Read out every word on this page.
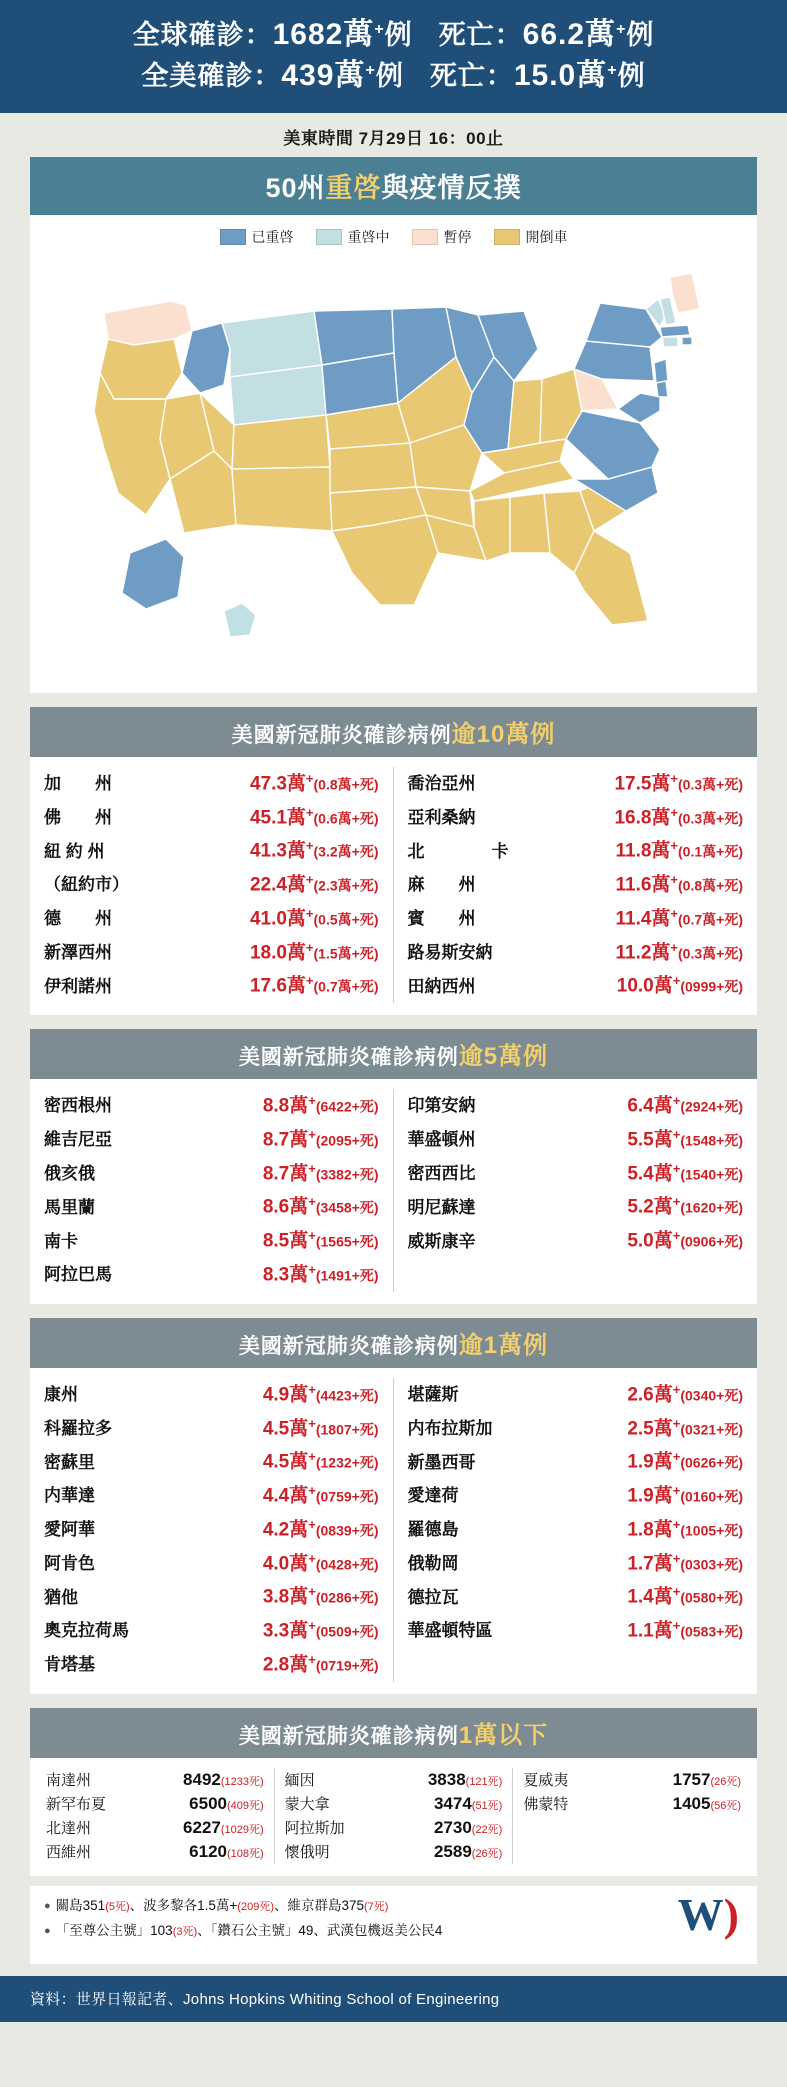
全球確診：1682萬+例 死亡：66.2萬+例
全美確診：439萬+例 死亡：15.0萬+例
美東時間 7月29日 16：00止
50州重啓與疫情反撲
已重啓	重啓中	暫停	開倒車
美國新冠肺炎確診病例逾10萬例
加　　州	47.3萬+(0.8萬+死)
佛　　州	45.1萬+(0.6萬+死)
紐 約 州	41.3萬+(3.2萬+死)
（紐約市）	22.4萬+(2.3萬+死)
德　　州	41.0萬+(0.5萬+死)
新澤西州	18.0萬+(1.5萬+死)
伊利諾州	17.6萬+(0.7萬+死)
喬治亞州	17.5萬+(0.3萬+死)
亞利桑納	16.8萬+(0.3萬+死)
北　　卡	11.8萬+(0.1萬+死)
麻　　州	11.6萬+(0.8萬+死)
賓　　州	11.4萬+(0.7萬+死)
路易斯安納	11.2萬+(0.3萬+死)
田納西州	10.0萬+(0999+死)
美國新冠肺炎確診病例逾5萬例
密西根州	8.8萬+(6422+死)
維吉尼亞	8.7萬+(2095+死)
俄亥俄	8.7萬+(3382+死)
馬里蘭	8.6萬+(3458+死)
南卡	8.5萬+(1565+死)
阿拉巴馬	8.3萬+(1491+死)
印第安納	6.4萬+(2924+死)
華盛頓州	5.5萬+(1548+死)
密西西比	5.4萬+(1540+死)
明尼蘇達	5.2萬+(1620+死)
威斯康辛	5.0萬+(0906+死)
美國新冠肺炎確診病例逾1萬例
康州	4.9萬+(4423+死)
科羅拉多	4.5萬+(1807+死)
密蘇里	4.5萬+(1232+死)
内華達	4.4萬+(0759+死)
愛阿華	4.2萬+(0839+死)
阿肯色	4.0萬+(0428+死)
猶他	3.8萬+(0286+死)
奧克拉荷馬	3.3萬+(0509+死)
肯塔基	2.8萬+(0719+死)
堪薩斯	2.6萬+(0340+死)
内布拉斯加	2.5萬+(0321+死)
新墨西哥	1.9萬+(0626+死)
愛達荷	1.9萬+(0160+死)
羅德島	1.8萬+(1005+死)
俄勒岡	1.7萬+(0303+死)
德拉瓦	1.4萬+(0580+死)
華盛頓特區	1.1萬+(0583+死)
美國新冠肺炎確診病例1萬以下
南達州	8492(1233死)
新罕布夏	6500(409死)
北達州	6227(1029死)
西維州	6120(108死)
緬因	3838(121死)
蒙大拿	3474(51死)
阿拉斯加	2730(22死)
懷俄明	2589(26死)
夏威夷	1757(26死)
佛蒙特	1405(56死)
● 關島351(5死)、波多黎各1.5萬+(209死)、維京群島375(7死)
● 「至尊公主號」103(3死)、「鑽石公主號」49、武漢包機返美公民4	W)
資料：世界日報記者、Johns Hopkins Whiting School of Engineering
